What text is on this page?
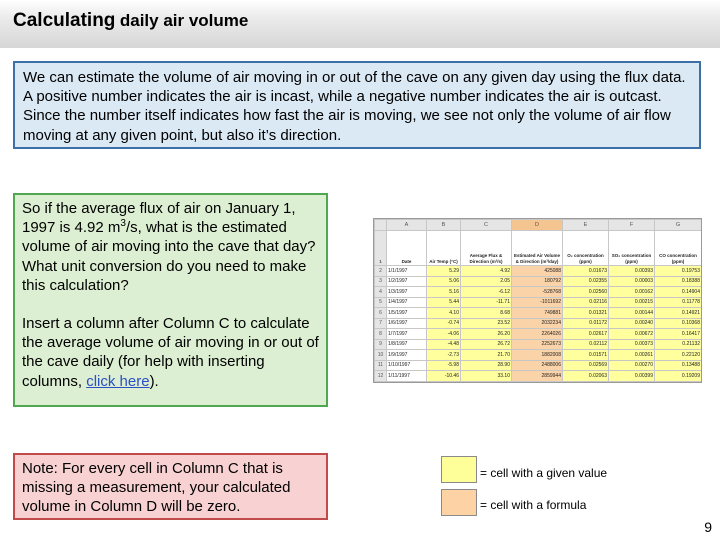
Calculating daily air volume
We can estimate the volume of air moving in or out of the cave on any given day using the flux data. A positive number indicates the air is incast, while a negative number indicates the air is outcast. Since the number itself indicates how fast the air is moving, we see not only the volume of air flow moving at any given point, but also it’s direction.

So if the average flux of air on January 1, 1997 is 4.92 $m^3/s$, what is the estimated volume of air moving into the cave that day? What unit conversion do you need to make this calculation?

Insert a column after Column C to calculate the average volume of air moving in or out of the cave daily (for help with inserting columns, click here).

	A	B	C	D	E	F	G
1	Date	Air Temp (°C)	Average Flux & Direction (m³/s)	Estimated Air Volume & Direction (m³/day)	O₂ concentration (ppm)	SO₂ concentration (ppm)	CO concentration (ppm)
2	1/1/1997	5.29	4.92	425088	0.01673	0.00393	0.19753
3	1/2/1997	5.06	2.05	180792	0.02355	0.00003	0.18388
4	1/3/1997	5.16	-6.12	-528768	0.02560	0.00162	0.14904
5	1/4/1997	5.44	-11.71	-1011692	0.02116	0.00215	0.11778
6	1/5/1997	4.10	8.68	749881	0.01321	0.00144	0.14921
7	1/6/1997	-0.74	23.52	2032234	0.01172	0.00240	0.10368
8	1/7/1997	-4.06	26.20	2264026	0.02617	0.00672	0.16417
9	1/8/1997	-4.48	26.72	2252673	0.02112	0.00373	0.21132
10	1/9/1997	-2.73	21.70	1882008	0.01571	0.00261	0.22120
11	1/10/1997	-5.98	28.90	2488006	0.02569	0.00270	0.13488
12	1/11/1997	-10.46	33.10	2859944	0.02063	0.00399	0.19209
= cell with a given value
= cell with a formula
Note: For every cell in Column C that is missing a measurement, your calculated volume in Column D will be zero.
9
